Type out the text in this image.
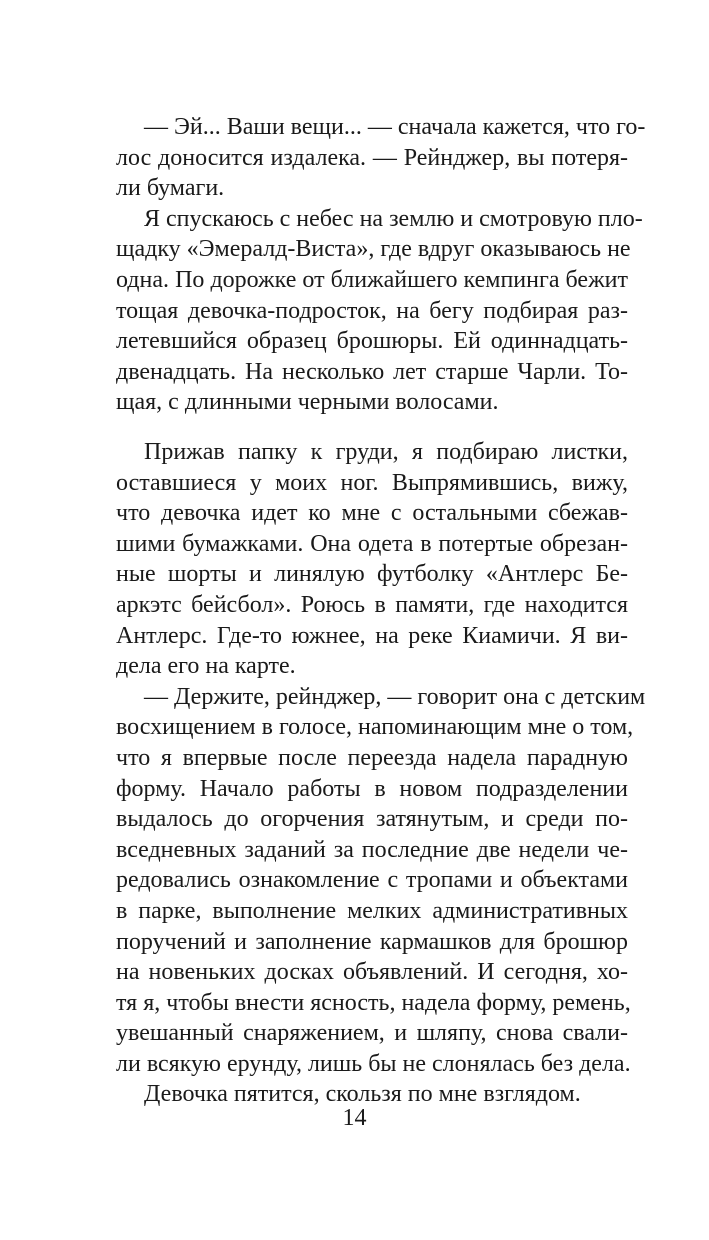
— Эй... Ваши вещи... — сначала кажется, что го-
лос доносится издалека. — Рейнджер, вы потеря-
ли бумаги.
Я спускаюсь с небес на землю и смотровую пло-
щадку «Эмералд-Виста», где вдруг оказываюсь не
одна. По дорожке от ближайшего кемпинга бежит
тощая девочка-подросток, на бегу подбирая раз-
летевшийся образец брошюры. Ей одиннадцать-
двенадцать. На несколько лет старше Чарли. То-
щая, с длинными черными волосами.
Прижав папку к груди, я подбираю листки,
оставшиеся у моих ног. Выпрямившись, вижу,
что девочка идет ко мне с остальными сбежав-
шими бумажками. Она одета в потертые обрезан-
ные шорты и линялую футболку «Антлерс Бе-
аркэтс бейсбол». Роюсь в памяти, где находится
Антлерс. Где-то южнее, на реке Киамичи. Я ви-
дела его на карте.
— Держите, рейнджер, — говорит она с детским
восхищением в голосе, напоминающим мне о том,
что я впервые после переезда надела парадную
форму. Начало работы в новом подразделении
выдалось до огорчения затянутым, и среди по-
вседневных заданий за последние две недели че-
редовались ознакомление с тропами и объектами
в парке, выполнение мелких административных
поручений и заполнение кармашков для брошюр
на новеньких досках объявлений. И сегодня, хо-
тя я, чтобы внести ясность, надела форму, ремень,
увешанный снаряжением, и шляпу, снова свали-
ли всякую ерунду, лишь бы не слонялась без дела.
Девочка пятится, скользя по мне взглядом.
14
